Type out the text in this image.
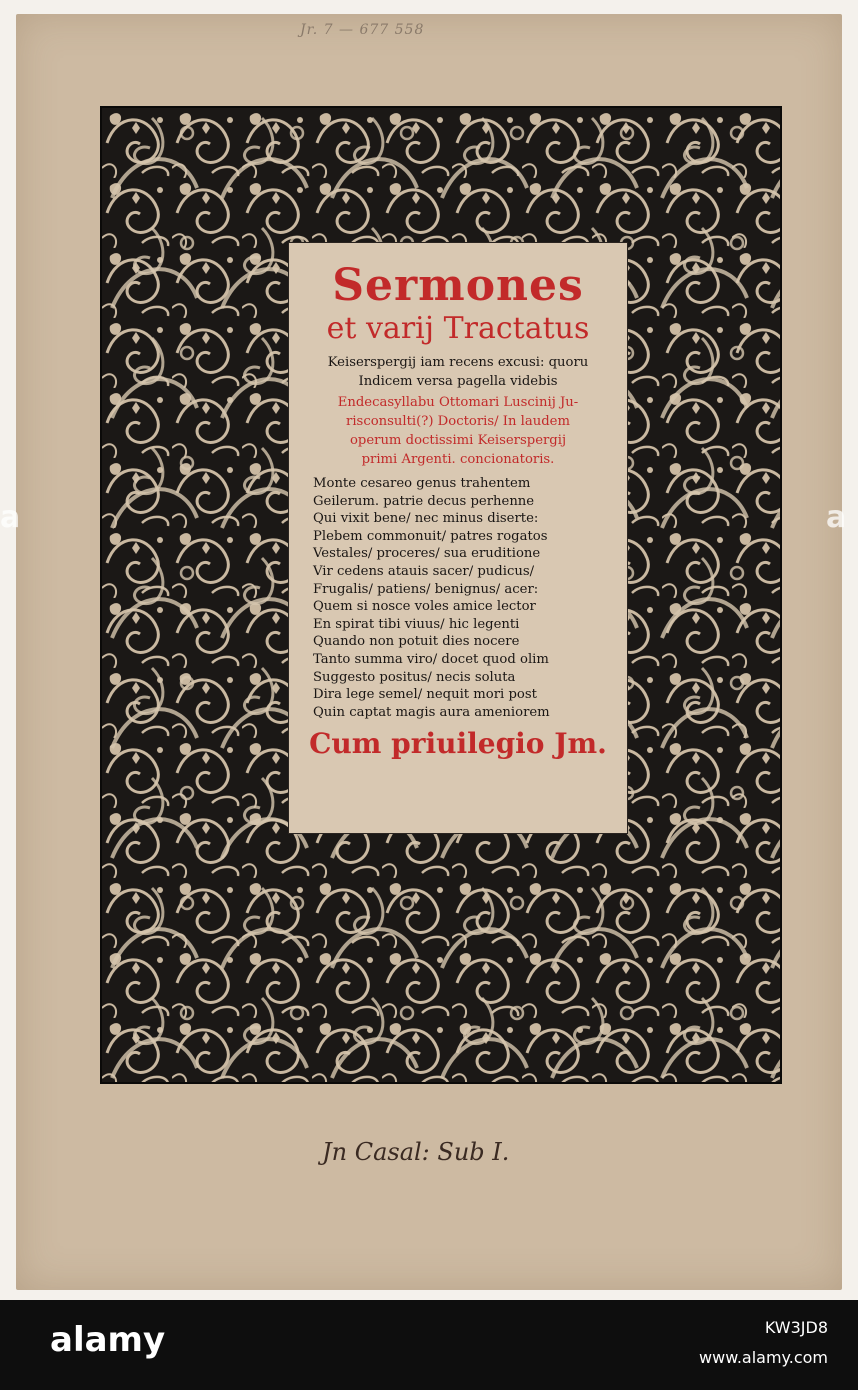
Jr. 7 — 677 558
Sermones
et varij Tractatus
Keiserspergij iam recens excusi: quoru
Indicem versa pagella videbis
Endecasyllabu Ottomari Luscinij Ju-
risconsulti(?) Doctoris/ In laudem
operum doctissimi Keiserspergij
primi Argenti. concionatoris.
Monte cesareo genus trahentem
Geilerum. patrie decus perhenne
Qui vixit bene/ nec minus diserte:
Plebem commonuit/ patres rogatos
Vestales/ proceres/ sua eruditione
Vir cedens atauis sacer/ pudicus/
Frugalis/ patiens/ benignus/ acer:
Quem si nosce voles amice lector
En spirat tibi viuus/ hic legenti
Quando non potuit dies nocere
Tanto summa viro/ docet quod olim
Suggesto positus/ necis soluta
Dira lege semel/ nequit mori post
Quin captat magis aura ameniorem
Cum priuilegio Jm.
Jn Casal: Sub I.
a	a
alamy	KW3JD8
www.alamy.com
